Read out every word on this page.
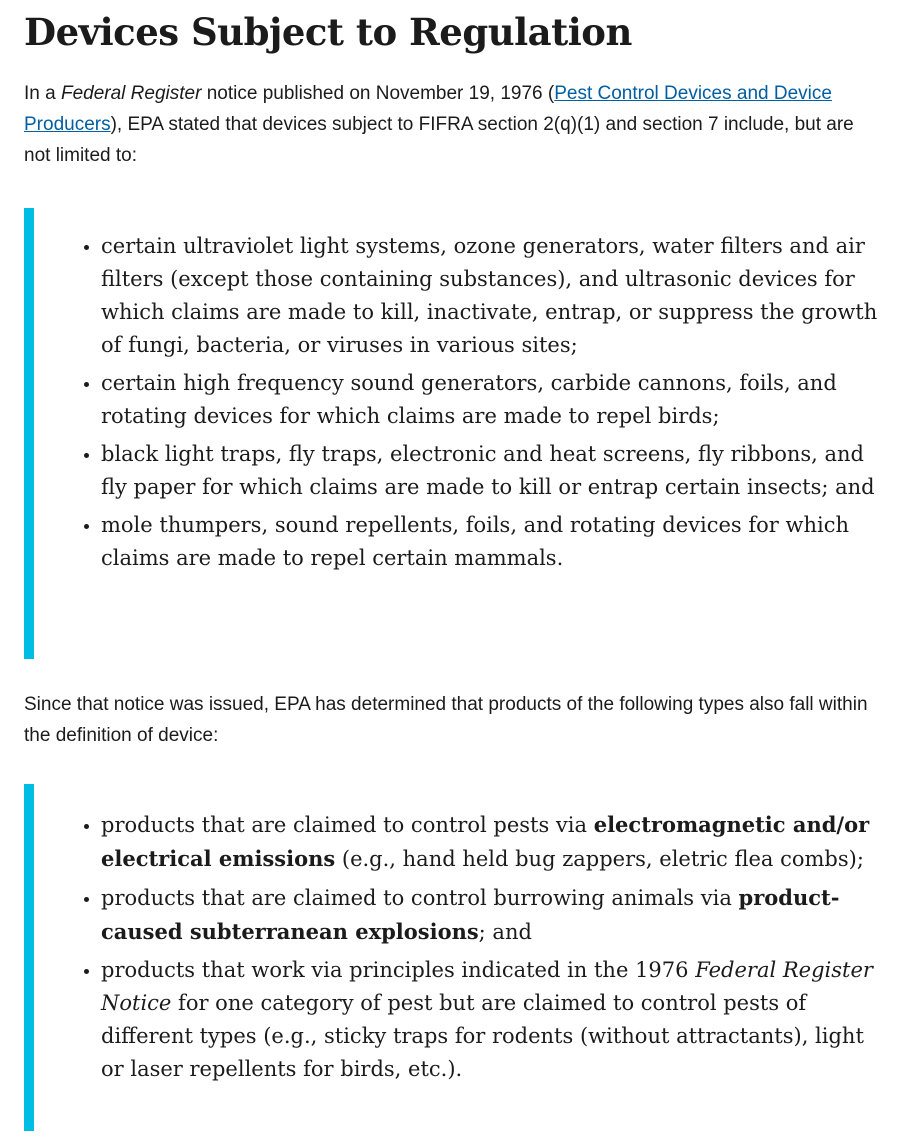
Devices Subject to Regulation

In a Federal Register notice published on November 19, 1976 (Pest Control Devices and Device Producers), EPA stated that devices subject to FIFRA section 2(q)(1) and section 7 include, but are not limited to:

• certain ultraviolet light systems, ozone generators, water filters and air filters (except those containing substances), and ultrasonic devices for which claims are made to kill, inactivate, entrap, or suppress the growth of fungi, bacteria, or viruses in various sites;
• certain high frequency sound generators, carbide cannons, foils, and rotating devices for which claims are made to repel birds;
• black light traps, fly traps, electronic and heat screens, fly ribbons, and fly paper for which claims are made to kill or entrap certain insects; and
• mole thumpers, sound repellents, foils, and rotating devices for which claims are made to repel certain mammals.

Since that notice was issued, EPA has determined that products of the following types also fall within the definition of device:

• products that are claimed to control pests via electromagnetic and/or electrical emissions (e.g., hand held bug zappers, eletric flea combs);
• products that are claimed to control burrowing animals via product-caused subterranean explosions; and
• products that work via principles indicated in the 1976 Federal Register Notice for one category of pest but are claimed to control pests of different types (e.g., sticky traps for rodents (without attractants), light or laser repellents for birds, etc.).
